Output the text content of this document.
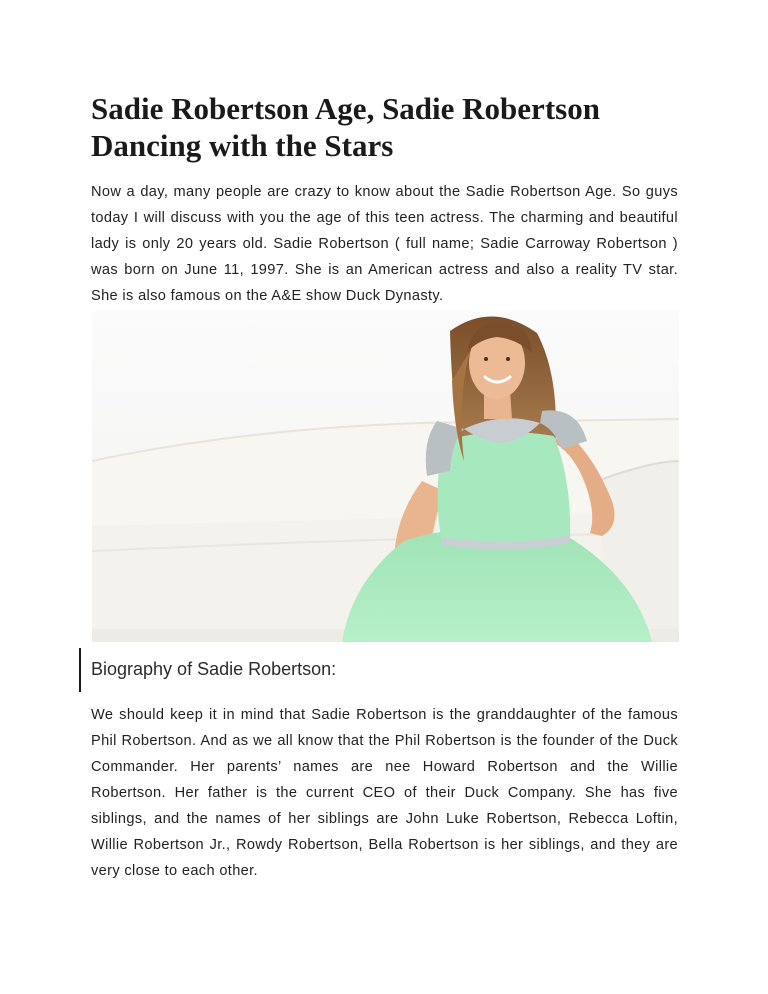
Sadie Robertson Age, Sadie Robertson Dancing with the Stars

Now a day, many people are crazy to know about the Sadie Robertson Age. So guys today I will discuss with you the age of this teen actress. The charming and beautiful lady is only 20 years old. Sadie Robertson ( full name; Sadie Carroway Robertson ) was born on June 11, 1997. She is an American actress and also a reality TV star. She is also famous on the A&E show Duck Dynasty.

Biography of Sadie Robertson:

We should keep it in mind that Sadie Robertson is the granddaughter of the famous Phil Robertson. And as we all know that the Phil Robertson is the founder of the Duck Commander. Her parents’ names are nee Howard Robertson and the Willie Robertson. Her father is the current CEO of their Duck Company. She has five siblings, and the names of her siblings are John Luke Robertson, Rebecca Loftin, Willie Robertson Jr., Rowdy Robertson, Bella Robertson is her siblings, and they are very close to each other.
